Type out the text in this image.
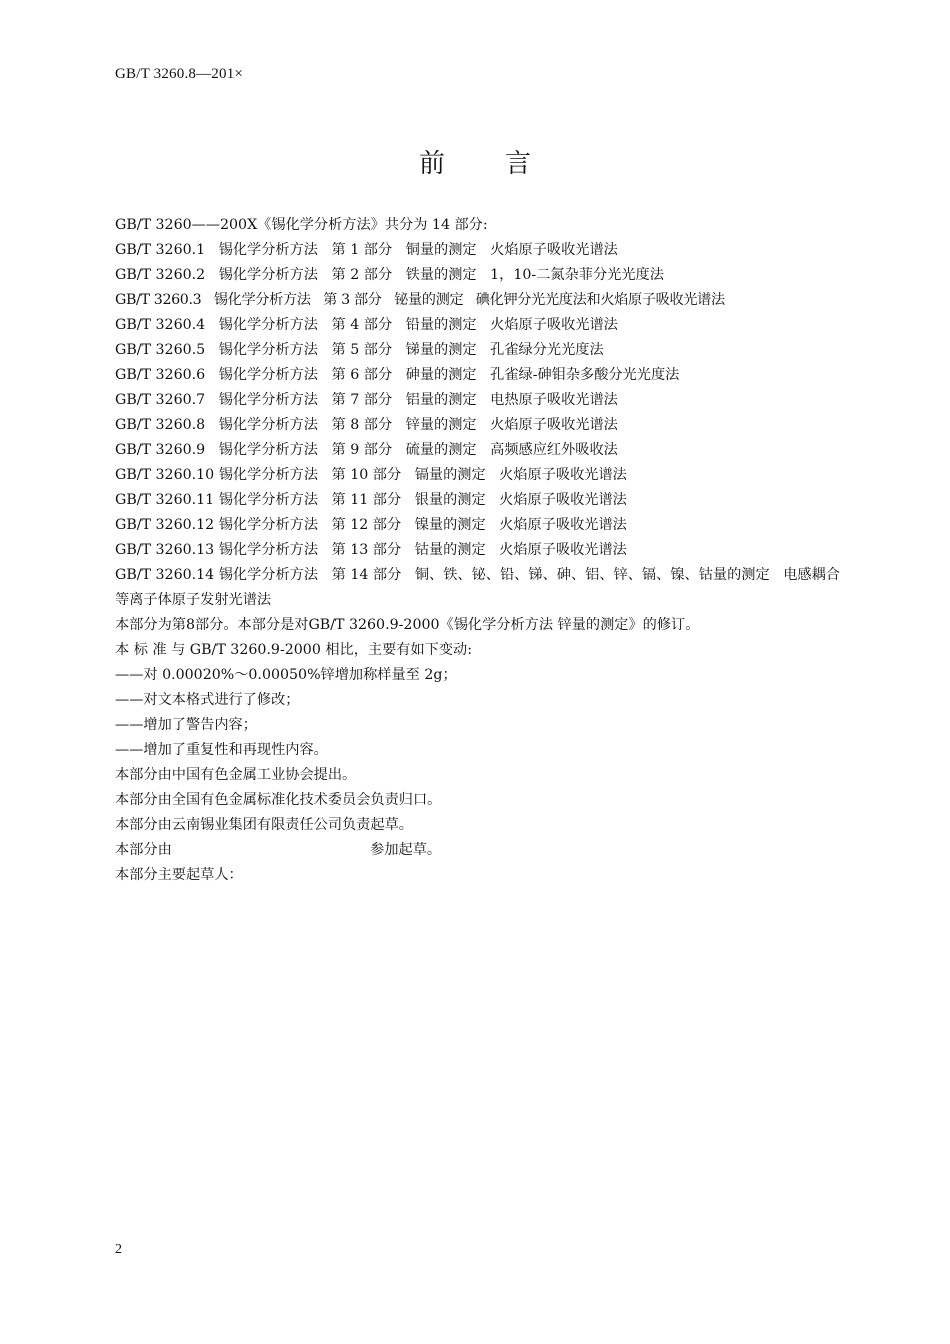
GB/T 3260.8—201×
前 言
GB/T 3260——200X《锡化学分析方法》共分为 14 部分:
GB/T 3260.1   锡化学分析方法   第 1 部分   铜量的测定   火焰原子吸收光谱法
GB/T 3260.2   锡化学分析方法   第 2 部分   铁量的测定   1，10-二氮杂菲分光光度法
GB/T 3260.3   锡化学分析方法   第 3 部分   铋量的测定   碘化钾分光光度法和火焰原子吸收光谱法
GB/T 3260.4   锡化学分析方法   第 4 部分   铅量的测定   火焰原子吸收光谱法
GB/T 3260.5   锡化学分析方法   第 5 部分   锑量的测定   孔雀绿分光光度法
GB/T 3260.6   锡化学分析方法   第 6 部分   砷量的测定   孔雀绿-砷钼杂多酸分光光度法
GB/T 3260.7   锡化学分析方法   第 7 部分   铝量的测定   电热原子吸收光谱法
GB/T 3260.8   锡化学分析方法   第 8 部分   锌量的测定   火焰原子吸收光谱法
GB/T 3260.9   锡化学分析方法   第 9 部分   硫量的测定   高频感应红外吸收法
GB/T 3260.10 锡化学分析方法   第 10 部分   镉量的测定   火焰原子吸收光谱法
GB/T 3260.11 锡化学分析方法   第 11 部分   银量的测定   火焰原子吸收光谱法
GB/T 3260.12 锡化学分析方法   第 12 部分   镍量的测定   火焰原子吸收光谱法
GB/T 3260.13 锡化学分析方法   第 13 部分   钴量的测定   火焰原子吸收光谱法
GB/T 3260.14 锡化学分析方法   第 14 部分   铜、铁、铋、铅、锑、砷、铝、锌、镉、镍、钴量的测定   电感耦合等离子体原子发射光谱法
本部分为第8部分。本部分是对GB/T 3260.9-2000《锡化学分析方法 锌量的测定》的修订。
本 标 准 与 GB/T 3260.9-2000 相比，主要有如下变动:
——对 0.00020%～0.00050%锌增加称样量至 2g；
——对文本格式进行了修改；
——增加了警告内容；
——增加了重复性和再现性内容。
本部分由中国有色金属工业协会提出。
本部分由全国有色金属标准化技术委员会负责归口。
本部分由云南锡业集团有限责任公司负责起草。
本部分由                                            参加起草。
本部分主要起草人：
2
